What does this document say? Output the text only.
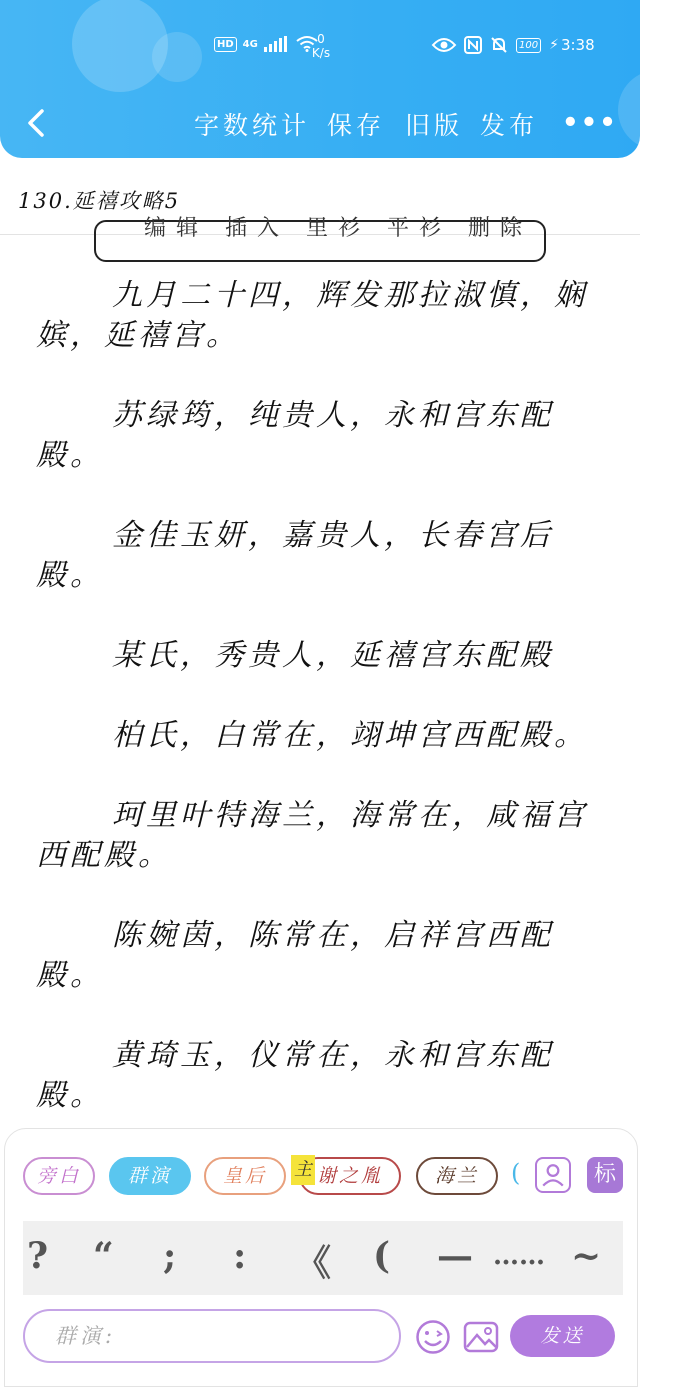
HD 4G	0
K/s
100 ⚡ 3:38
字数统计 保存 旧版 发布 •••
130.延禧攻略5
编辑 插入 里衫 平衫 删除

九月二十四，辉发那拉淑慎，娴嫔，延禧宫。

苏绿筠，纯贵人，永和宫东配殿。

金佳玉妍，嘉贵人，长春宫后殿。

某氏，秀贵人，延禧宫东配殿

柏氏，白常在，翊坤宫西配殿。

珂里叶特海兰，海常在，咸福宫西配殿。

陈婉茵，陈常在，启祥宫西配殿。

黄琦玉，仪常在，永和宫东配殿。

旁白	群演	皇后	谢之胤
主	海兰	(	标
? “ ; : 《 ( — …… ~
群演:	发送
